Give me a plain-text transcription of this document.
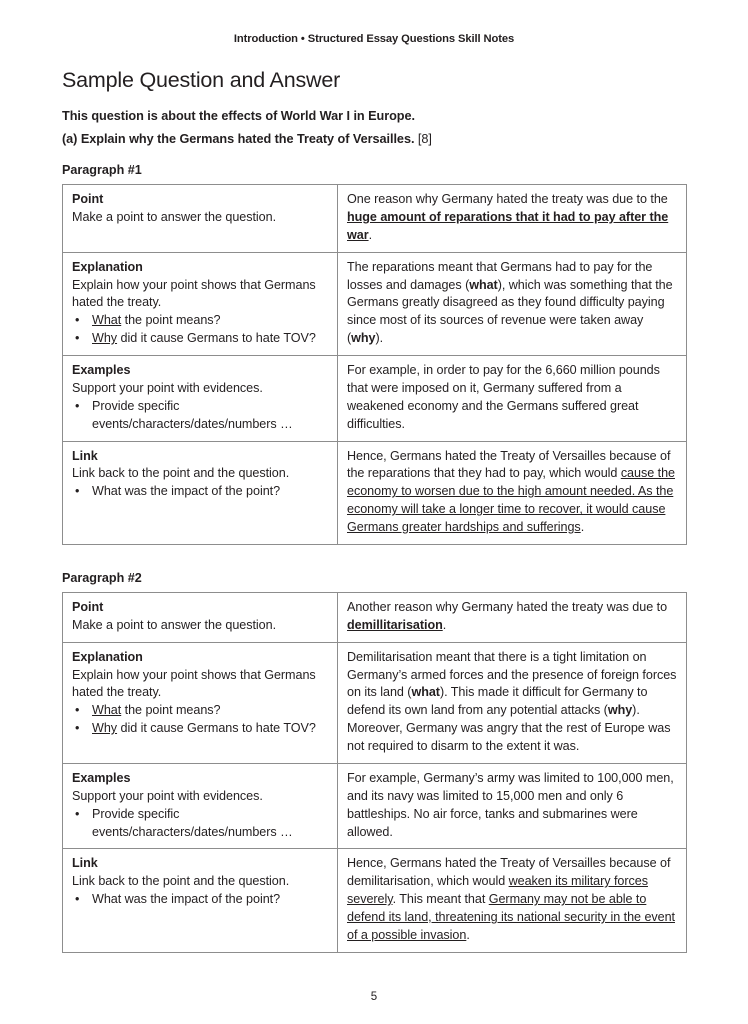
Introduction • Structured Essay Questions Skill Notes
Sample Question and Answer

This question is about the effects of World War I in Europe.

(a) Explain why the Germans hated the Treaty of Versailles. [8]

Paragraph #1

Point
Make a point to answer the question.	One reason why Germany hated the treaty was due to the huge amount of reparations that it had to pay after the war.

Explanation
Explain how your point shows that Germans hated the treaty.
• What the point means?
• Why did it cause Germans to hate TOV?
	The reparations meant that Germans had to pay for the losses and damages (what), which was something that the Germans greatly disagreed as they found difficulty paying since most of its sources of revenue were taken away (why).

Examples
Support your point with evidences.
• Provide specific events/characters/dates/numbers …
	For example, in order to pay for the 6,660 million pounds that were imposed on it, Germany suffered from a weakened economy and the Germans suffered great difficulties.

Link
Link back to the point and the question.
• What was the impact of the point?
	Hence, Germans hated the Treaty of Versailles because of the reparations that they had to pay, which would cause the economy to worsen due to the high amount needed. As the economy will take a longer time to recover, it would cause Germans greater hardships and sufferings.

Paragraph #2

Point
Make a point to answer the question.	Another reason why Germany hated the treaty was due to demillitarisation.

Explanation
Explain how your point shows that Germans hated the treaty.
• What the point means?
• Why did it cause Germans to hate TOV?
	Demilitarisation meant that there is a tight limitation on Germany’s armed forces and the presence of foreign forces on its land (what). This made it difficult for Germany to defend its own land from any potential attacks (why). Moreover, Germany was angry that the rest of Europe was not required to disarm to the extent it was.

Examples
Support your point with evidences.
• Provide specific events/characters/dates/numbers …
	For example, Germany’s army was limited to 100,000 men, and its navy was limited to 15,000 men and only 6 battleships. No air force, tanks and submarines were allowed.

Link
Link back to the point and the question.
• What was the impact of the point?
	Hence, Germans hated the Treaty of Versailles because of demilitarisation, which would weaken its military forces severely. This meant that Germany may not be able to defend its land, threatening its national security in the event of a possible invasion.
5
